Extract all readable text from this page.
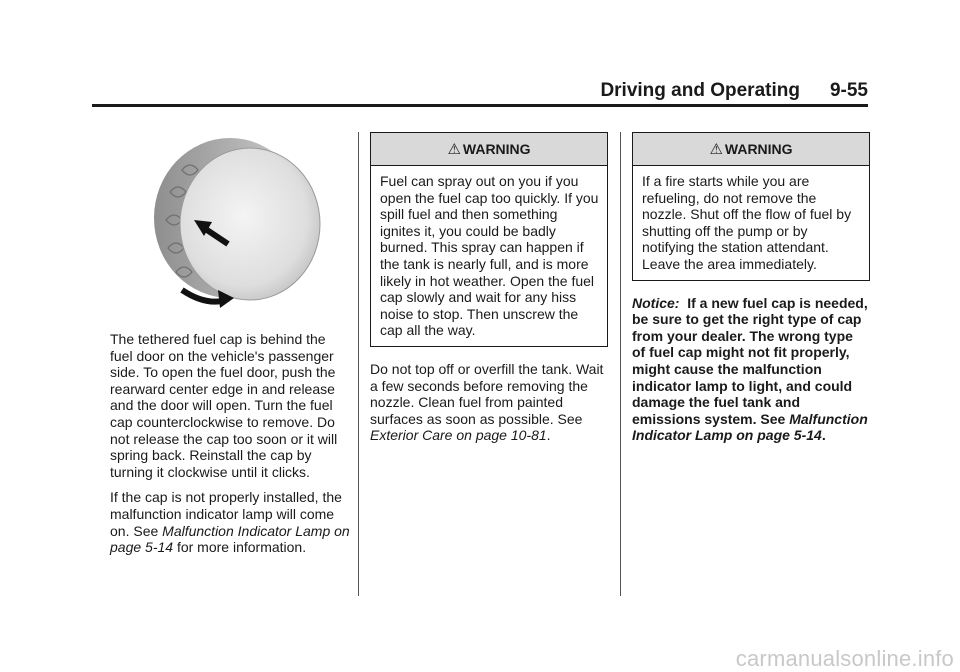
Driving and Operating 9-55

The tethered fuel cap is behind the fuel door on the vehicle's passenger side. To open the fuel door, push the rearward center edge in and release and the door will open. Turn the fuel cap counterclockwise to remove. Do not release the cap too soon or it will spring back. Reinstall the cap by turning it clockwise until it clicks.

If the cap is not properly installed, the malfunction indicator lamp will come on. See Malfunction Indicator Lamp on page 5-14 for more information.

⚠ WARNING
Fuel can spray out on you if you open the fuel cap too quickly. If you spill fuel and then something ignites it, you could be badly burned. This spray can happen if the tank is nearly full, and is more likely in hot weather. Open the fuel cap slowly and wait for any hiss noise to stop. Then unscrew the cap all the way.

Do not top off or overfill the tank. Wait a few seconds before removing the nozzle. Clean fuel from painted surfaces as soon as possible. See Exterior Care on page 10-81.

⚠ WARNING
If a fire starts while you are refueling, do not remove the nozzle. Shut off the flow of fuel by shutting off the pump or by notifying the station attendant. Leave the area immediately.

Notice: If a new fuel cap is needed, be sure to get the right type of cap from your dealer. The wrong type of fuel cap might not fit properly, might cause the malfunction indicator lamp to light, and could damage the fuel tank and emissions system. See Malfunction Indicator Lamp on page 5-14.

carmanualsonline.info
